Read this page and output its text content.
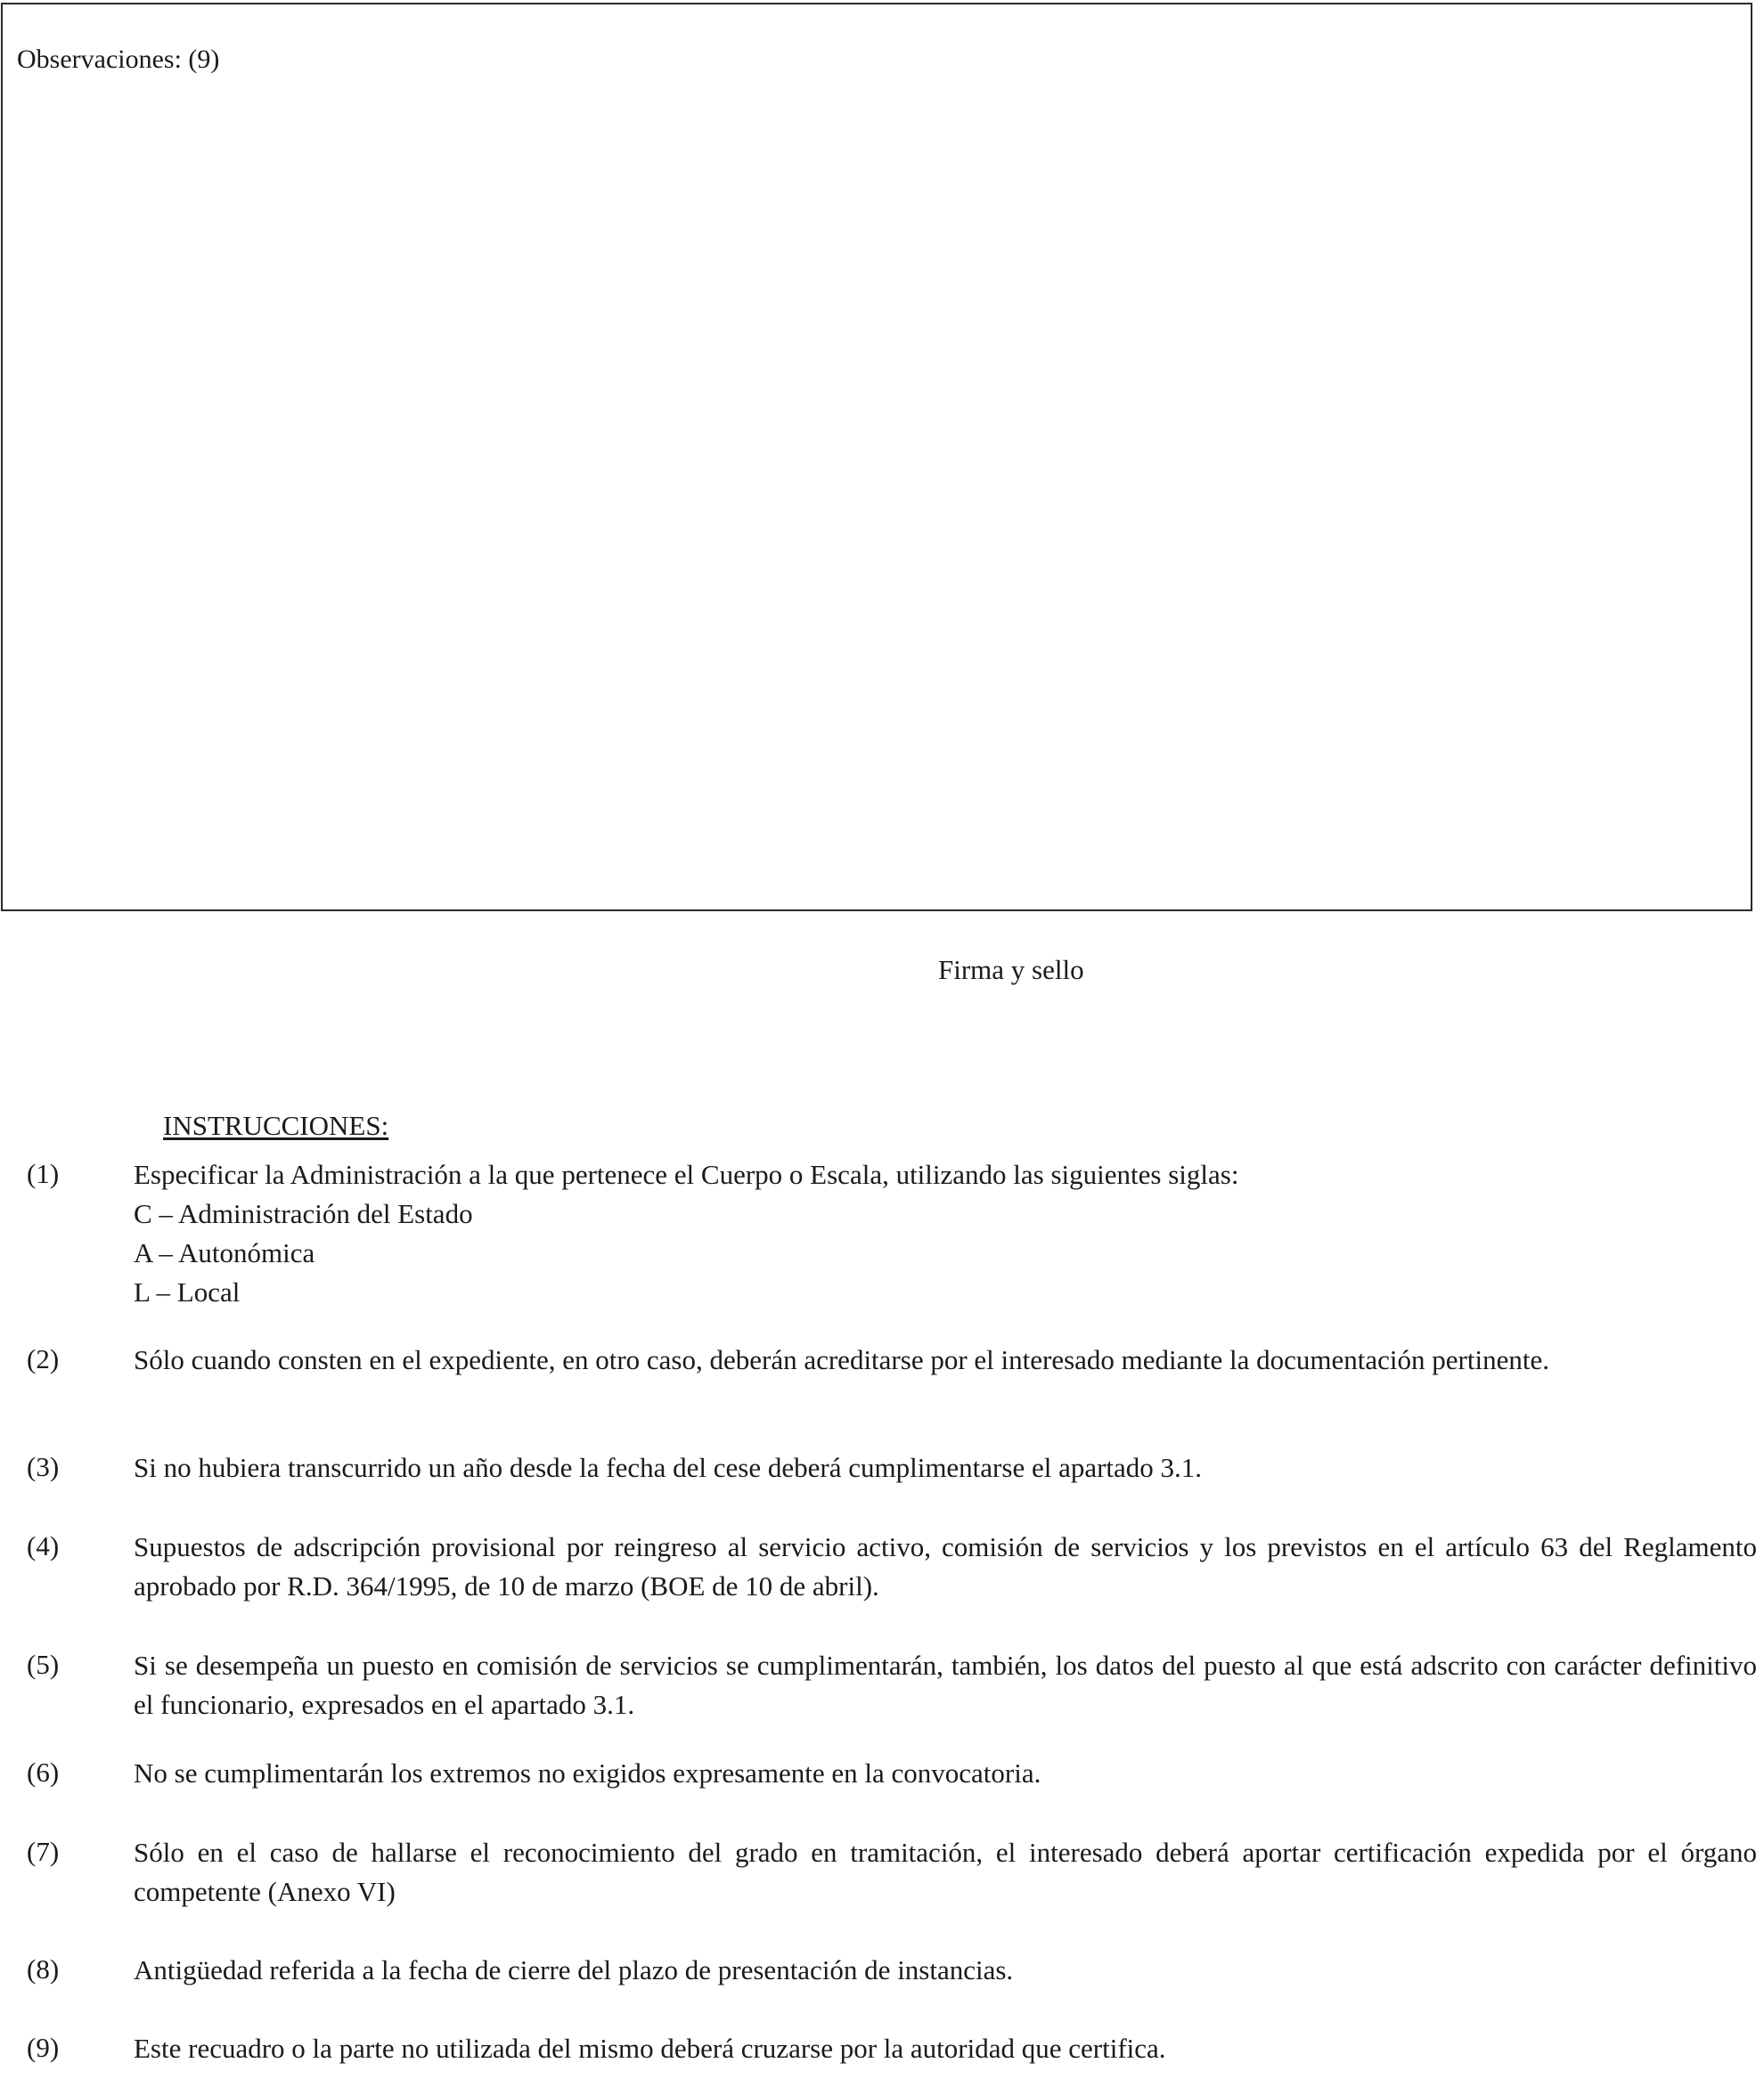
Observaciones: (9)
Firma y sello
INSTRUCCIONES:
(1)	Especificar la Administración a la que pertenece el Cuerpo o Escala, utilizando las siguientes siglas:
C – Administración del Estado
A – Autonómica
L – Local
(2)	Sólo cuando consten en el expediente, en otro caso, deberán acreditarse por el interesado mediante la documentación pertinente.
(3)	Si no hubiera transcurrido un año desde la fecha del cese deberá cumplimentarse el apartado 3.1.
(4)	Supuestos de adscripción provisional por reingreso al servicio activo, comisión de servicios y los previstos en el artículo 63 del Reglamento aprobado por R.D. 364/1995, de 10 de marzo (BOE de 10 de abril).
(5)	Si se desempeña un puesto en comisión de servicios se cumplimentarán, también, los datos del puesto al que está adscrito con carácter definitivo el funcionario, expresados en el apartado 3.1.
(6)	No se cumplimentarán los extremos no exigidos expresamente en la convocatoria.
(7)	Sólo en el caso de hallarse el reconocimiento del grado en tramitación, el interesado deberá aportar certificación expedida por el órgano competente (Anexo VI)
(8)	Antigüedad referida a la fecha de cierre del plazo de presentación de instancias.
(9)	Este recuadro o la parte no utilizada del mismo deberá cruzarse por la autoridad que certifica.
